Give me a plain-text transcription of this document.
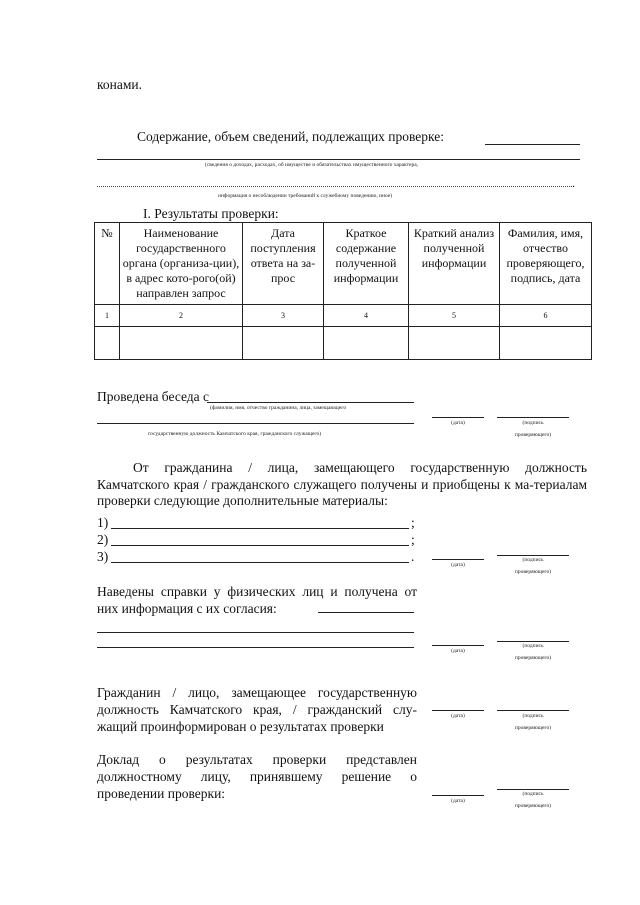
конами.
Содержание, объем сведений, подлежащих проверке:
(сведения о доходах, расходах, об имуществе и обязательствах имущественного характера,
.
информация о несоблюдении требований к служебному поведению, иное)
I. Результаты проверки:
№	Наименование государственного органа (организа-ции), в адрес кото-рого(ой) направлен запрос	Дата поступления ответа на за-прос	Краткое содержание полученной информации	Краткий анализ полученной информации	Фамилия, имя, отчество проверяющего, подпись, дата
1	2	3	4	5	6

Проведена беседа с
(фамилия, имя, отчество гражданина, лица, замещающего
государственную должность Камчатского края, гражданского служащего)
(дата)	(подпись
проверяющего)
От гражданина / лица, замещающего государственную должность Камчатского края / гражданского служащего получены и приобщены к ма-териалам проверки следующие дополнительные материалы:
1)	;
2)	;
3)	.
(дата)
(подпись
проверяющего)
Наведены справки у физических лиц и получена от них информация с их согласия:
(дата)
(подпись
проверяющего)
Гражданин / лицо, замещающее государственную должность Камчатского края, / гражданский слу-жащий проинформирован о результатах проверки
(дата)	(подпись
проверяющего)
Доклад о результатах проверки представлен должностному лицу, принявшему решение о проведении проверки:	(дата)
(подпись
проверяющего)
